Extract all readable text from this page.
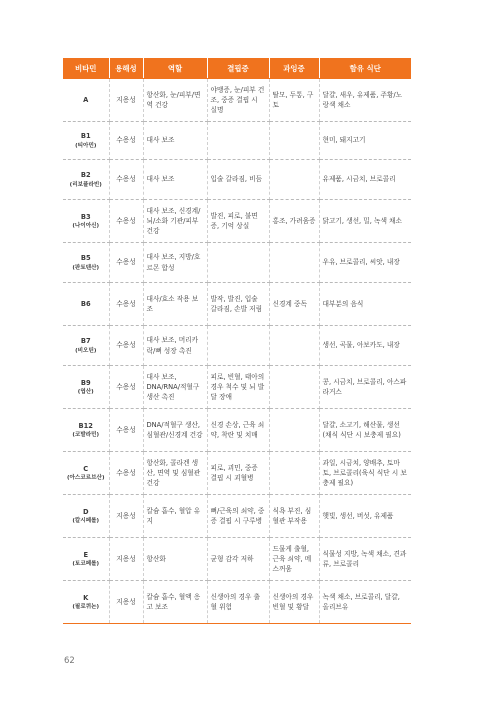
비타민	용해성	역할	결핍증	과잉증	함유 식단
A	지용성	항산화, 눈/피부/면역 건강	야맹증, 눈/피부 건조, 중증 결핍 시 실명	탈모, 두통, 구토	달걀, 새우, 유제품, 주황/노랑색 채소
B1
(티아민)	수용성	대사 보조			현미, 돼지고기
B2
(리보플라빈)	수용성	대사 보조	입술 갈라짐, 비듬		유제품, 시금치, 브로콜리
B3
(나이아신)	수용성	대사 보조, 신경계/뇌/소화 기관/피부 건강	발진, 피로, 불면증, 기억 상실	홍조, 가려움증	닭고기, 생선, 밀, 녹색 채소
B5
(판토텐산)	수용성	대사 보조, 지방/호르몬 합성			우유, 브로콜리, 씨앗, 내장
B6	수용성	대사/효소 작용 보조	발작, 발진, 입술 갈라짐, 손발 저림	신경계 중독	대부분의 음식
B7
(비오틴)	수용성	대사 보조, 머리카락/뼈 성장 촉진			생선, 곡물, 아보카도, 내장
B9
(엽산)	수용성	대사 보조, DNA/RNA/적혈구 생산 촉진	피로, 빈혈, 태아의 경우 척수 및 뇌 발달 장애		콩, 시금치, 브로콜리, 아스파라거스
B12
(코발라민)	수용성	DNA/적혈구 생산, 심혈관/신경계 건강	신경 손상, 근육 쇠약, 착란 및 치매		달걀, 소고기, 해산물, 생선(채식 식단 시 보충제 필요)
C
(아스코르브산)	수용성	항산화, 콜라겐 생산, 면역 및 심혈관 건강	피로, 괴민, 중증 결핍 시 괴혈병		과일, 시금치, 양배추, 토마토, 브로콜리(육식 식단 시 보충제 필요)
D
(칼시페롤)	지용성	칼슘 흡수, 혈압 유지	뼈/근육의 쇠약, 중증 결핍 시 구루병	식욕 부진, 심혈관 부작용	햇빛, 생선, 버섯, 유제품
E
(토코페롤)	지용성	항산화	균형 감각 저하	드물게 출혈, 근육 쇠약, 메스꺼움	식물성 지방, 녹색 채소, 견과류, 브로콜리
K
(필로퀴논)	지용성	칼슘 흡수, 혈액 응고 보조	신생아의 경우 출혈 위험	신생아의 경우 빈혈 및 황달	녹색 채소, 브로콜리, 달걀, 올리브유
62
